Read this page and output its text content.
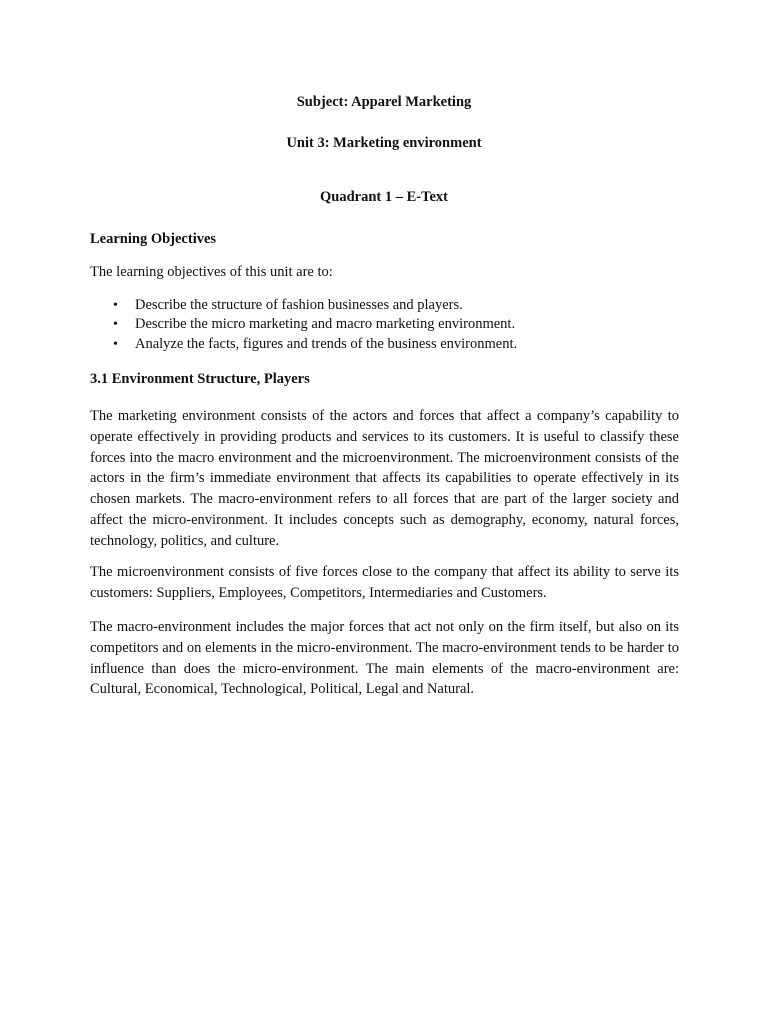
Subject: Apparel Marketing
Unit 3: Marketing environment
Quadrant 1 – E-Text
Learning Objectives

The learning objectives of this unit are to:

• Describe the structure of fashion businesses and players.
• Describe the micro marketing and macro marketing environment.
• Analyze the facts, figures and trends of the business environment.
3.1 Environment Structure, Players

The marketing environment consists of the actors and forces that affect a company’s capability to operate effectively in providing products and services to its customers. It is useful to classify these forces into the macro environment and the microenvironment. The microenvironment consists of the actors in the firm’s immediate environment that affects its capabilities to operate effectively in its chosen markets. The macro-environment refers to all forces that are part of the larger society and affect the micro-environment. It includes concepts such as demography, economy, natural forces, technology, politics, and culture.

The microenvironment consists of five forces close to the company that affect its ability to serve its customers: Suppliers, Employees, Competitors, Intermediaries and Customers.

The macro-environment includes the major forces that act not only on the firm itself, but also on its competitors and on elements in the micro-environment. The macro-environment tends to be harder to influence than does the micro-environment. The main elements of the macro-environment are: Cultural, Economical, Technological, Political, Legal and Natural.
